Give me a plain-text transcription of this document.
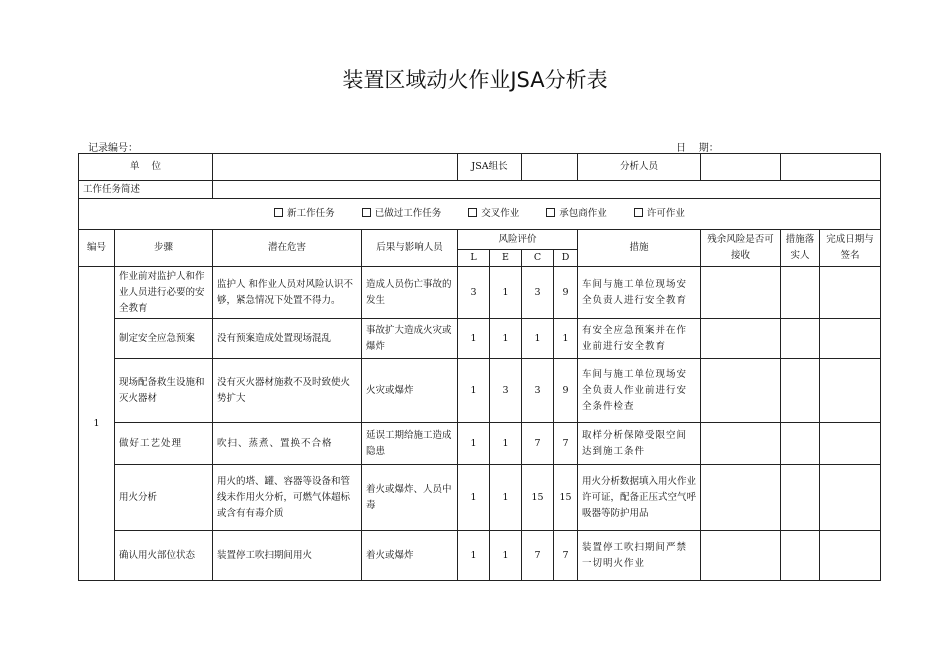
装置区域动火作业JSA分析表
记录编号：	日    期：
单    位				JSA组长				分析人员			
工作任务简述											
新工作任务 已做过工作任务 交叉作业 承包商作业 许可作业											
编号	步骤	潜在危害	后果与影响人员	风险评价				措施	残余风险是否可接收	措施落实人	完成日期与签名
				L	E	C	D				
1	作业前对监护人和作业人员进行必要的安全教育	监护人 和作业人员对风险认识不够，紧急情况下处置不得力。	造成人员伤亡事故的发生	3	1	3	9	车间与施工单位现场安全负责人进行安全教育			
	制定安全应急预案	没有预案造成处置现场混乱	事故扩大造成火灾或爆炸	1	1	1	1	有安全应急预案并在作业前进行安全教育			
	现场配备救生设施和灭火器材	没有灭火器材施救不及时致使火势扩大	火灾或爆炸	1	3	3	9	车间与施工单位现场安全负责人作业前进行安全条件检查			
	做好工艺处理	吹扫、蒸煮、置换不合格	延误工期给施工造成隐患	1	1	7	7	取样分析保障受限空间达到施工条件			
	用火分析	用火的塔、罐、容器等设备和管线未作用火分析，可燃气体超标或含有有毒介质	着火或爆炸、人员中毒	1	1	15	15	用火分析数据填入用火作业许可证，配备正压式空气呼吸器等防护用品			
	确认用火部位状态	装置停工吹扫期间用火	着火或爆炸	1	1	7	7	装置停工吹扫期间严禁一切明火作业			
